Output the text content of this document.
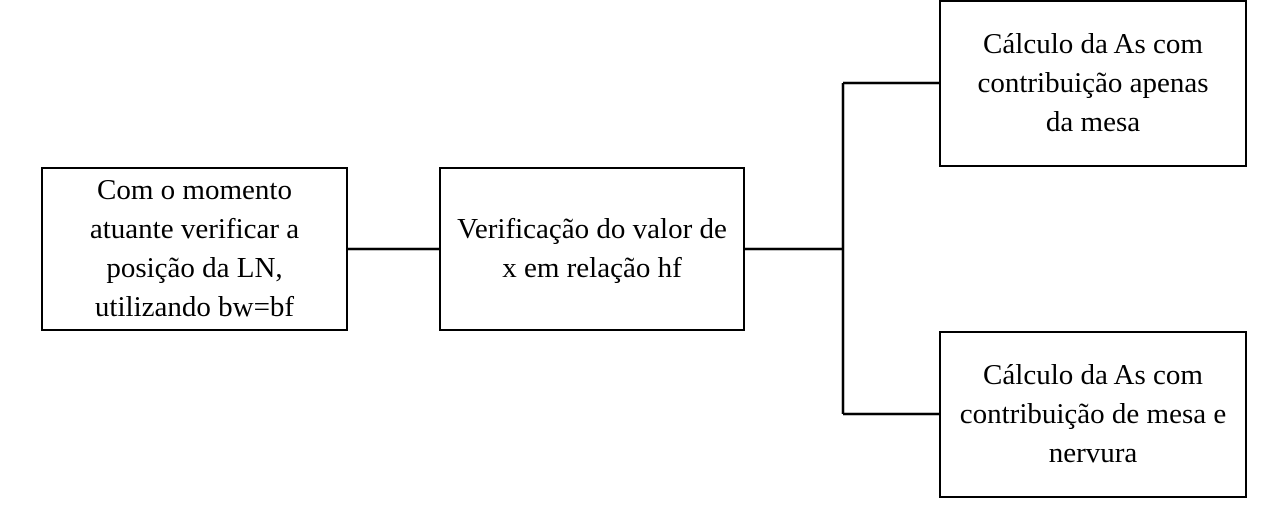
Com o momento
atuante verificar a
posição da LN,
utilizando bw=bf
Verificação do valor de
x em relação hf
Cálculo da As com
contribuição apenas
da mesa
Cálculo da As com
contribuição de mesa e
nervura
